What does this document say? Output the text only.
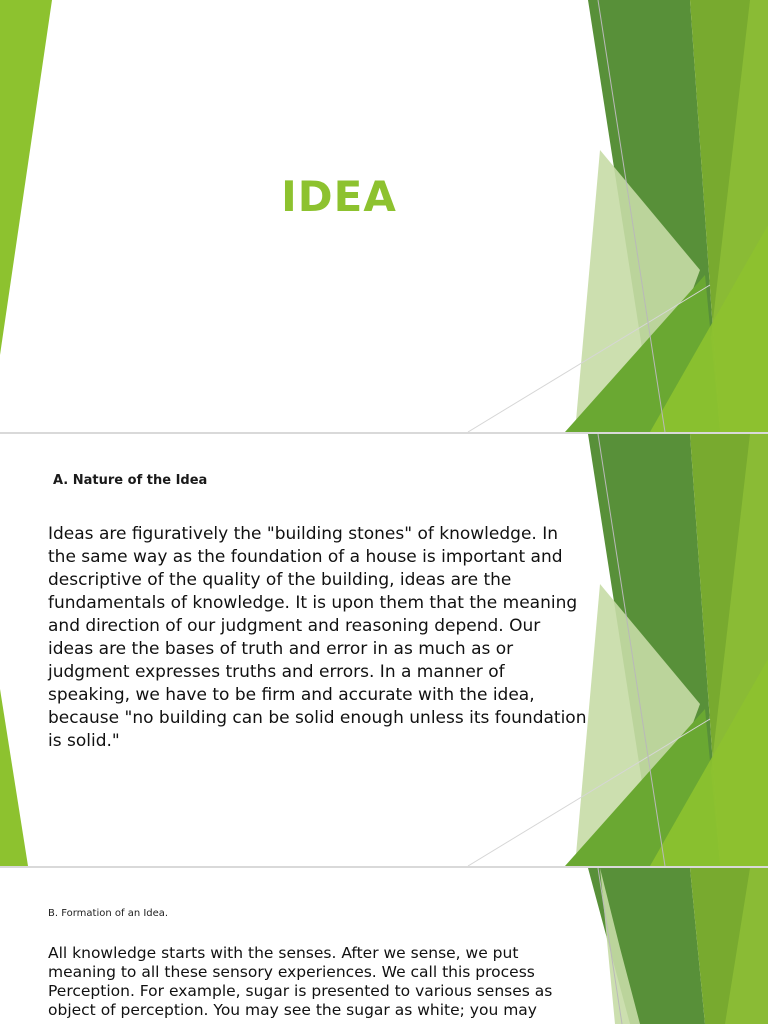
IDEA
A. Nature of the Idea
Ideas are figuratively the "building stones" of knowledge. In the same way as the foundation of a house is important and descriptive of the quality of the building, ideas are the fundamentals of knowledge. It is upon them that the meaning and direction of our judgment and reasoning depend. Our ideas are the bases of truth and error in as much as or judgment expresses truths and errors. In a manner of speaking, we have to be firm and accurate with the idea, because "no building can be solid enough unless its foundation is solid."
B. Formation of an Idea.
All knowledge starts with the senses. After we sense, we put meaning to all these sensory experiences. We call this process Perception. For example, sugar is presented to various senses as object of perception. You may see the sugar as white; you may
